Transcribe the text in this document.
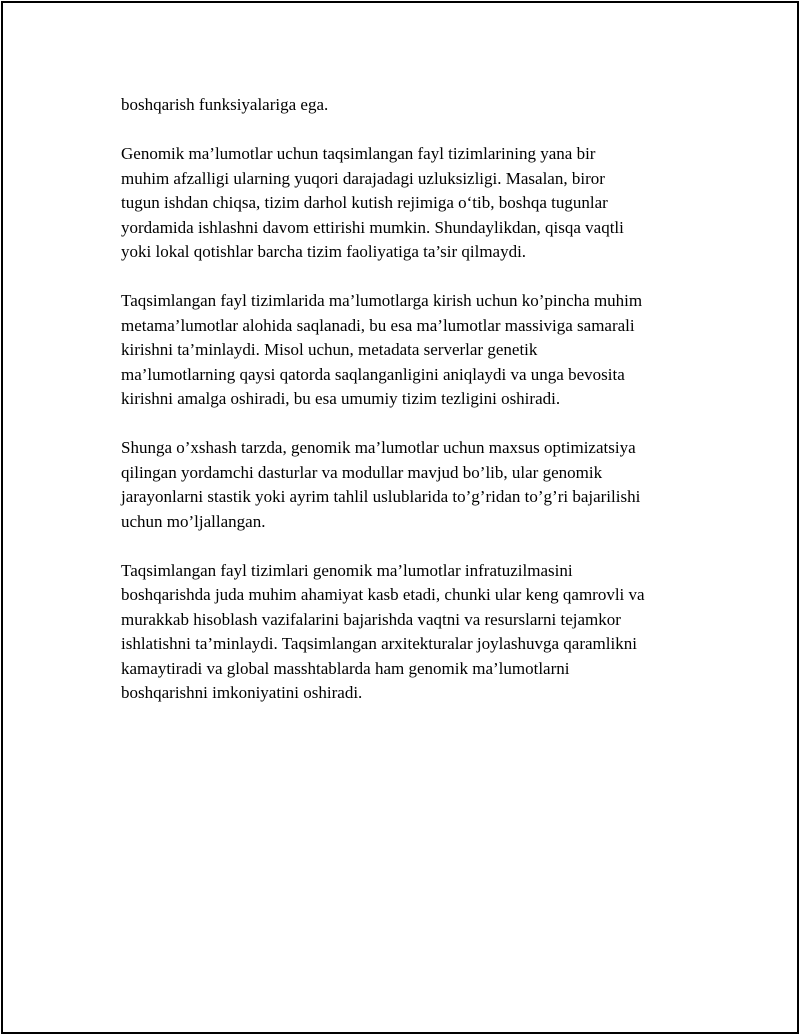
boshqarish funksiyalariga ega.

Genomik ma’lumotlar uchun taqsimlangan fayl tizimlarining yana bir
muhim afzalligi ularning yuqori darajadagi uzluksizligi. Masalan, biror
tugun ishdan chiqsa, tizim darhol kutish rejimiga o‘tib, boshqa tugunlar
yordamida ishlashni davom ettirishi mumkin. Shundaylikdan, qisqa vaqtli
yoki lokal qotishlar barcha tizim faoliyatiga ta’sir qilmaydi.

Taqsimlangan fayl tizimlarida ma’lumotlarga kirish uchun ko’pincha muhim
metama’lumotlar alohida saqlanadi, bu esa ma’lumotlar massiviga samarali
kirishni ta’minlaydi. Misol uchun, metadata serverlar genetik
ma’lumotlarning qaysi qatorda saqlanganligini aniqlaydi va unga bevosita
kirishni amalga oshiradi, bu esa umumiy tizim tezligini oshiradi.

Shunga o’xshash tarzda, genomik ma’lumotlar uchun maxsus optimizatsiya
qilingan yordamchi dasturlar va modullar mavjud bo’lib, ular genomik
jarayonlarni stastik yoki ayrim tahlil uslublarida to’g’ridan to’g’ri bajarilishi
uchun mo’ljallangan.

Taqsimlangan fayl tizimlari genomik ma’lumotlar infratuzilmasini
boshqarishda juda muhim ahamiyat kasb etadi, chunki ular keng qamrovli va
murakkab hisoblash vazifalarini bajarishda vaqtni va resurslarni tejamkor
ishlatishni ta’minlaydi. Taqsimlangan arxitekturalar joylashuvga qaramlikni
kamaytiradi va global masshtablarda ham genomik ma’lumotlarni
boshqarishni imkoniyatini oshiradi.
